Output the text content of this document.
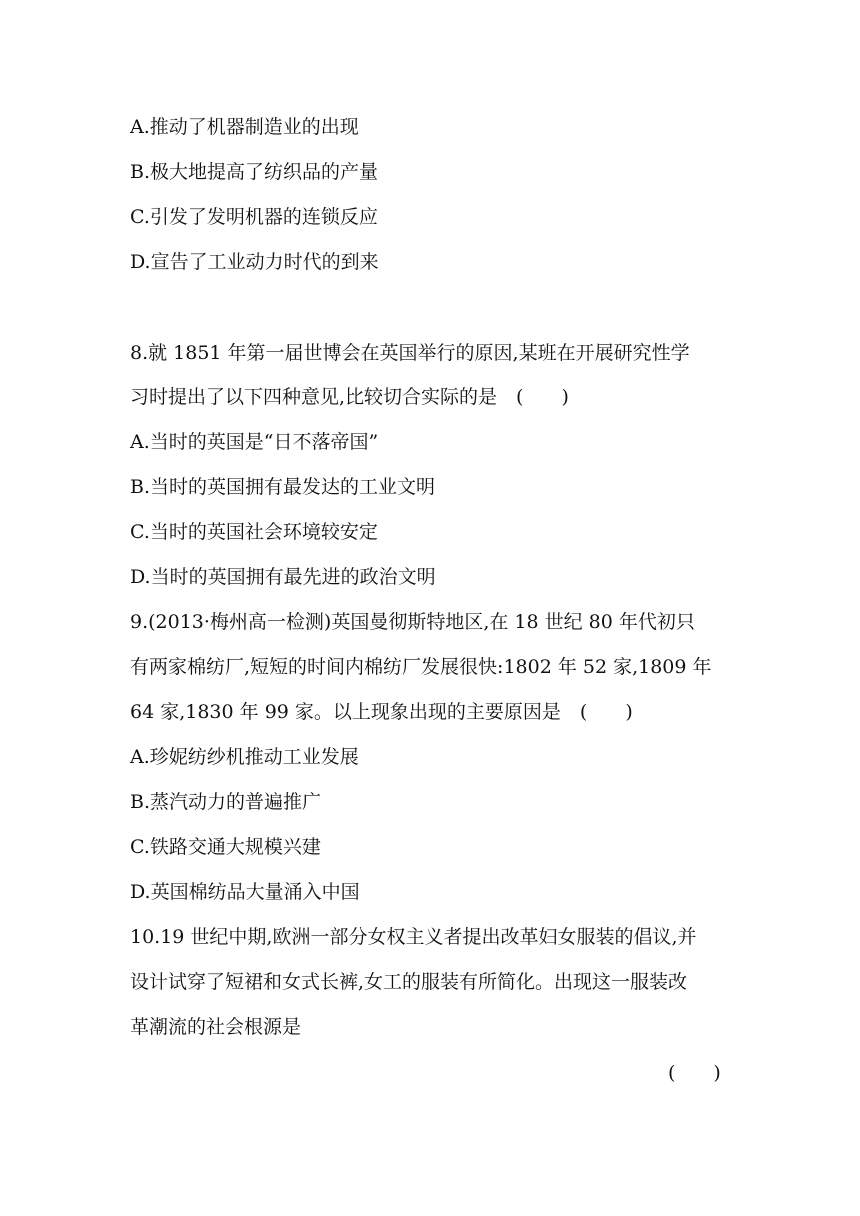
A.推动了机器制造业的出现
B.极大地提高了纺织品的产量
C.引发了发明机器的连锁反应
D.宣告了工业动力时代的到来
8.就 1851 年第一届世博会在英国举行的原因,某班在开展研究性学
习时提出了以下四种意见,比较切合实际的是　(　　)
A.当时的英国是“日不落帝国”
B.当时的英国拥有最发达的工业文明
C.当时的英国社会环境较安定
D.当时的英国拥有最先进的政治文明
9.(2013·梅州高一检测)英国曼彻斯特地区,在 18 世纪 80 年代初只
有两家棉纺厂,短短的时间内棉纺厂发展很快:1802 年 52 家,1809 年
64 家,1830 年 99 家。以上现象出现的主要原因是　(　　)
A.珍妮纺纱机推动工业发展
B.蒸汽动力的普遍推广
C.铁路交通大规模兴建
D.英国棉纺品大量涌入中国
10.19 世纪中期,欧洲一部分女权主义者提出改革妇女服装的倡议,并
设计试穿了短裙和女式长裤,女工的服装有所简化。出现这一服装改
革潮流的社会根源是
(　　)
